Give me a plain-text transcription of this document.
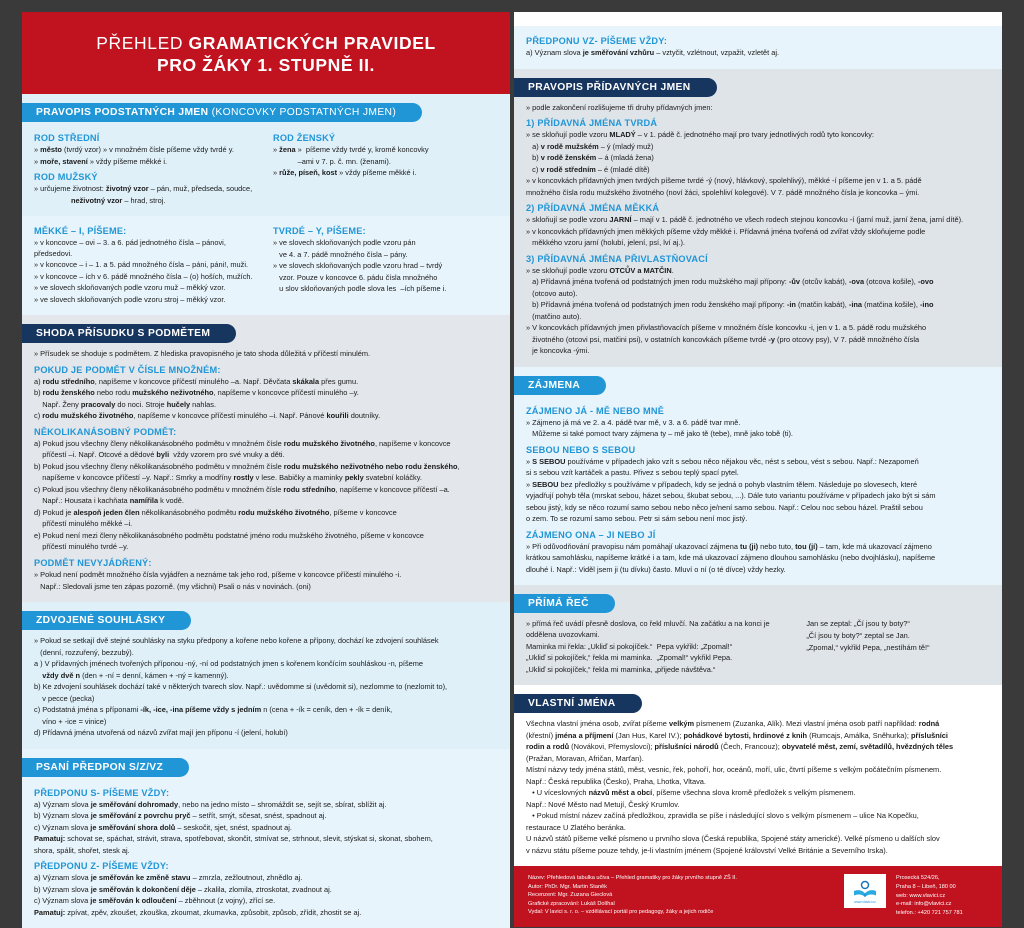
PŘEHLED GRAMATICKÝCH PRAVIDEL
PRO ŽÁKY 1. STUPNĚ II.
PRAVOPIS PODSTATNÝCH JMEN (KONCOVKY PODSTATNÝCH JMEN)
ROD STŘEDNÍ

» město (tvrdý vzor) » v množném čísle píšeme vždy tvrdé y.

» moře, stavení » vždy píšeme měkké i.

ROD MUŽSKÝ

» určujeme životnost: životný vzor – pán, muž, předseda, soudce,

neživotný vzor – hrad, stroj.

ROD ŽENSKÝ

» žena »  píšeme vždy tvrdé y, kromě koncovky

–ami v 7. p. č. mn. (ženami).

» růže, píseň, kost » vždy píšeme měkké i.

MĚKKÉ – I, PÍŠEME:

» v koncovce – ovi – 3. a 6. pád jednotného čísla – pánovi, předsedovi.

» v koncovce – i – 1. a 5. pád množného čísla – páni, páni!, muži.

» v koncovce – ích v 6. pádě množného čísla – (o) hoších, mužích.

» ve slovech skloňovaných podle vzoru muž – měkký vzor.

» ve slovech skloňovaných podle vzoru stroj – měkký vzor.

TVRDÉ – Y, PÍŠEME:

» ve slovech skloňovaných podle vzoru pán

ve 4. a 7. pádě množného čísla – pány.

» ve slovech skloňovaných podle vzoru hrad – tvrdý

vzor. Pouze v koncovce 6. pádu čísla množného

u slov skloňovaných podle slova les  –ích píšeme i.

SHODA PŘÍSUDKU S PODMĚTEM

» Přísudek se shoduje s podmětem. Z hlediska pravopisného je tato shoda důležitá v příčestí minulém.

POKUD JE PODMĚT V ČÍSLE MNOŽNÉM:

a) rodu středního, napíšeme v koncovce příčestí minulého –a. Např. Děvčata skákala přes gumu.

b) rodu ženského nebo rodu mužského neživotného, napíšeme v koncovce příčestí minulého –y.

Např. Ženy pracovaly do noci. Stroje hučely nahlas.

c) rodu mužského životného, napíšeme v koncovce příčestí minulého –i. Např. Pánové kouřili doutníky.

NĚKOLIKANÁSOBNÝ PODMĚT:

a) Pokud jsou všechny členy několikanásobného podmětu v množném čísle rodu mužského životného, napíšeme v koncovce

příčestí –i. Např. Otcové a dědové byli  vždy vzorem pro své vnuky a děti.

b) Pokud jsou všechny členy několikanásobného podmětu v množném čísle rodu mužského neživotného nebo rodu ženského,

napíšeme v koncovce příčestí –y. Např.: Smrky a modříny rostly v lese. Babičky a maminky pekly svatební koláčky.

c) Pokud jsou všechny členy několikanásobného podmětu v množném čísle rodu středního, napíšeme v koncovce příčestí –a.

Např.: Housata i kachňata namířila k vodě.

d) Pokud je alespoň jeden člen několikanásobného podmětu rodu mužského životného, píšeme v koncovce

příčestí minulého měkké –i.

e) Pokud není mezi členy několikanásobného podmětu podstatné jméno rodu mužského životného, píšeme v koncovce

příčestí minulého tvrdé –y.

PODMĚT NEVYJÁDŘENÝ:

» Pokud není podmět množného čísla vyjádřen a neznáme tak jeho rod, píšeme v koncovce příčestí minulého -i.

Např.: Sledovali jsme ten zápas pozorně. (my všichni) Psali o nás v novinách. (oni)

ZDVOJENÉ SOUHLÁSKY

» Pokud se setkají dvě stejné souhlásky na styku předpony a kořene nebo kořene a přípony, dochází ke zdvojení souhlásek

(denní, rozzuřený, bezzubý).

a ) V přídavných jménech tvořených příponou -ný, -ní od podstatných jmen s kořenem končícím souhláskou -n, píšeme

vždy dvě n (den + -ní = denní, kámen + -ný = kamenný).

b) Ke zdvojení souhlásek dochází také v některých tvarech slov. Např.: uvědomme si (uvědomit si), nezlomme to (nezlomit to),

v pecce (pecka)

c) Podstatná jména s příponami -ík, -ice, -ina píšeme vždy s jedním n (cena + -ík = ceník, den + -ík = deník,

víno + -ice = vinice)

d) Přídavná jména utvořená od názvů zvířat mají jen příponu -í (jelení, holubí)

PSANÍ PŘEDPON S/Z/VZ
PŘEDPONU S- PÍŠEME VŽDY:

a) Význam slova je směřování dohromady, nebo na jedno místo – shromáždit se, sejít se, sbírat, sblížit aj.

b) Význam slova je směřování z povrchu pryč – setřít, smýt, sčesat, snést, spadnout aj.

c) Význam slova je směřování shora dolů – seskočit, sjet, snést, spadnout aj.

Pamatuj: schovat se, spáchat, strávit, strava, spotřebovat, skončit, stmívat se, strhnout, slevit, stýskat si, skonat, sbohem,

shora, spálit, shořet, stesk aj.

PŘEDPONU Z- PÍŠEME VŽDY:

a) Význam slova je směřován ke změně stavu – zmrzla, zežloutnout, zhnědlo aj.

b) Význam slova je směřován k dokončení děje – zkalila, zlomila, ztroskotat, zvadnout aj.

c) Význam slova je směřován k odloučení – zběhnout (z vojny), zřící se.

Pamatuj: zpívat, zpěv, zkoušet, zkouška, zkoumat, zkumavka, způsobit, způsob, zřídit, zhostit se aj.

PŘEDPONU VZ- PÍŠEME VŽDY:

a) Význam slova je směřování vzhůru – vztyčit, vzlétnout, vzpažit, vzletět aj.

PRAVOPIS PŘÍDAVNÝCH JMEN

» podle zakončení rozlišujeme tři druhy přídavných jmen:

1) PŘÍDAVNÁ JMÉNA TVRDÁ

» se skloňují podle vzoru MLADÝ – v 1. pádě č. jednotného mají pro tvary jednotlivých rodů tyto koncovky:

a) v rodě mužském – ý (mladý muž)

b) v rodě ženském – á (mladá žena)

c) v rodě středním – é (mladé dítě)

» v koncovkách přídavných jmen tvrdých píšeme tvrdé -ý (nový, hlávkový, spolehlivý), měkké -í píšeme jen v 1. a 5. pádě

množného čísla rodu mužského životného (noví žáci, spolehliví kolegové). V 7. pádě množného čísla je koncovka – ými.

2) PŘÍDAVNÁ JMÉNA MĚKKÁ

» skloňují se podle vzoru JARNÍ – mají v 1. pádě č. jednotného ve všech rodech stejnou koncovku -í (jarní muž, jarní žena, jarní dítě).

» v koncovkách přídavných jmen měkkých píšeme vždy měkké i. Přídavná jména tvořená od zvířat vždy skloňujeme podle

měkkého vzoru jarní (holubí, jelení, psí, lví aj.).

3) PŘÍDAVNÁ JMÉNA PŘIVLASTŇOVACÍ

» se skloňují podle vzoru OTCŮV a MATČIN.

a) Přídavná jména tvořená od podstatných jmen rodu mužského mají přípony: -ův (otcův kabát), -ova (otcova košile), -ovo

(otcovo auto).

b) Přídavná jména tvořená od podstatných jmen rodu ženského mají přípony: -in (matčin kabát), -ina (matčina košile), -ino

(matčino auto).

» V koncovkách přídavných jmen přivlastňovacích píšeme v množném čísle koncovku -i, jen v 1. a 5. pádě rodu mužského

životného (otcovi psi, matčini psi), v ostatních koncovkách píšeme tvrdé -y (pro otcovy psy), V 7. pádě množného čísla

je koncovka -ými.

ZÁJMENA
ZÁJMENO JÁ - MĚ NEBO MNĚ

» Zájmeno já má ve 2. a 4. pádě tvar mě, v 3. a 6. pádě tvar mně.

Můžeme si také pomoct tvary zájmena ty – mě jako tě (tebe), mně jako tobě (ti).

SEBOU NEBO S SEBOU

» S SEBOU používáme v případech jako vzít s sebou něco nějakou věc, nést s sebou, vést s sebou. Např.: Nezapomeň

si s sebou vzít kartáček a pastu. Přivez s sebou teplý spací pytel.

» SEBOU bez předložky s používáme v případech, kdy se jedná o pohyb vlastním tělem. Následuje po slovesech, které

vyjadřují pohyb těla (mrskat sebou, házet sebou, škubat sebou, ...). Dále tuto variantu používáme v případech jako být si sám

sebou jistý, kdy se něco rozumí samo sebou nebo něco je/není samo sebou. Např.: Celou noc sebou házel. Praštil sebou

o zem. To se rozumí samo sebou. Petr si sám sebou není moc jistý.

ZÁJMENO ONA – JI NEBO JÍ

» Při odůvodňování pravopisu nám pomáhají ukazovací zájmena tu (ji) nebo tuto, tou (jí) – tam, kde má ukazovací zájmeno

krátkou samohlásku, napíšeme krátké i a tam, kde má ukazovací zájmeno dlouhou samohlásku (nebo dvojhlásku), napíšeme

dlouhé í. Např.: Viděl jsem ji (tu dívku) často. Mluví o ní (o té dívce) vždy hezky.

PŘÍMÁ ŘEČ

» přímá řeč uvádí přesně doslova, co řekl mluvčí. Na začátku a na konci je oddělena uvozovkami.

Maminka mi řekla: „Ukliď si pokojíček.“  Pepa vykřikl: „Zpomal!“

„Ukliď si pokojíček,“ řekla mi maminka.  „Zpomal!“ vykřikl Pepa.

„Ukliď si pokojíček,“ řekla mi maminka, „přijede návštěva.“

Jan se zeptal: „Čí jsou ty boty?“

„Čí jsou ty boty?“ zeptal se Jan.

„Zpomal,“ vykřikl Pepa, „nestíhám tě!“

VLASTNÍ JMÉNA

Všechna vlastní jména osob, zvířat píšeme velkým písmenem (Zuzanka, Alík). Mezi vlastní jména osob patří například: rodná

(křestní) jména a příjmení (Jan Hus, Karel IV.); pohádkové bytosti, hrdinové z knih (Rumcajs, Amálka, Sněhurka); příslušníci

rodin a rodů (Novákovi, Přemyslovci); příslušníci národů (Čech, Francouz); obyvatelé měst, zemí, světadílů, hvězdných těles

(Pražan, Moravan, Afričan, Marťan).

Místní názvy tedy jména států, měst, vesnic, řek, pohoří, hor, oceánů, moří, ulic, čtvrtí píšeme s velkým počátečním písmenem.

Např.: Česká republika (Česko), Praha, Lhotka, Vltava.

• U víceslovných názvů měst a obcí, píšeme všechna slova kromě předložek s velkým písmenem.

Např.: Nové Město nad Metují, Český Krumlov.

• Pokud místní název začíná předložkou, zpravidla se píše i následující slovo s velkým písmenem – ulice Na Kopečku,

restaurace U Zlatého beránka.

U názvů států píšeme velké písmeno u prvního slova (Česká republika, Spojené státy americké). Velké písmeno u dalších slov

v názvu státu píšeme pouze tehdy, je-li vlastním jménem (Spojené království Velké Británie a Severního Irska).

Název: Přehledová tabulka učiva – Přehled gramatiky pro žáky prvního stupně ZŠ II.

Autor: PhDr. Mgr. Martin Staněk

Recenzent: Mgr. Zuzana Gieclová

Grafické zpracování: Lukáš Dolíhal

Vydal: V lavici s. r. o. – vzdělávací portál pro pedagogy, žáky a jejich rodiče

www.vlavici.cz

Prosecká 524/26,

Praha 8 – Libeň, 180 00

web: www.vlavici.cz

e-mail: info@vlavici.cz

telefon.: +420 721 757 781
